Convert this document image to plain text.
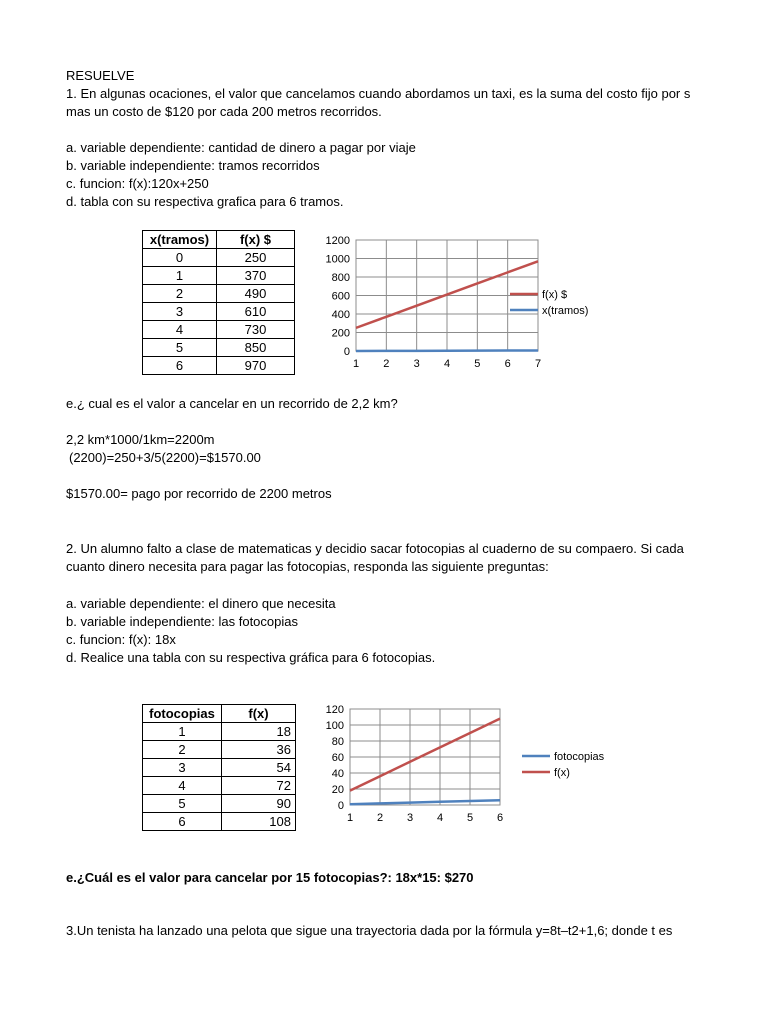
RESUELVE
1. En algunas ocaciones, el valor que cancelamos cuando abordamos un taxi, es la suma del costo fijo por s
mas un costo de $120 por cada 200 metros recorridos.
a. variable dependiente: cantidad de dinero a pagar por viaje
b. variable independiente: tramos recorridos
c. funcion: f(x):120x+250
d. tabla con su respectiva grafica para 6 tramos.
x(tramos)	f(x) $
0	250
1	370
2	490
3	610
4	730
5	850
6	970
0
200
400
600
800
1000
1200
1 2 3 4 5 6 7
f(x) $
x(tramos)
e.¿ cual es el valor a cancelar en un recorrido de 2,2 km?
2,2 km*1000/1km=2200m
(2200)=250+3/5(2200)=$1570.00
$1570.00= pago por recorrido de 2200 metros
2. Un alumno falto a clase de matematicas y decidio sacar fotocopias al cuaderno de su compaero. Si cada
cuanto dinero necesita para pagar las fotocopias, responda las siguiente preguntas:
a. variable dependiente: el dinero que necesita
b. variable independiente: las fotocopias
c. funcion: f(x): 18x
d. Realice una tabla con su respectiva gráfica para 6 fotocopias.
fotocopias	f(x)
1	18
2	36
3	54
4	72
5	90
6	108
0
20
40
60
80
100
120
1 2 3 4 5 6
fotocopias
f(x)
e.¿Cuál es el valor para cancelar por 15 fotocopias?: 18x*15: $270
3.Un tenista ha lanzado una pelota que sigue una trayectoria dada por la fórmula y=8t–t2+1,6; donde t es
